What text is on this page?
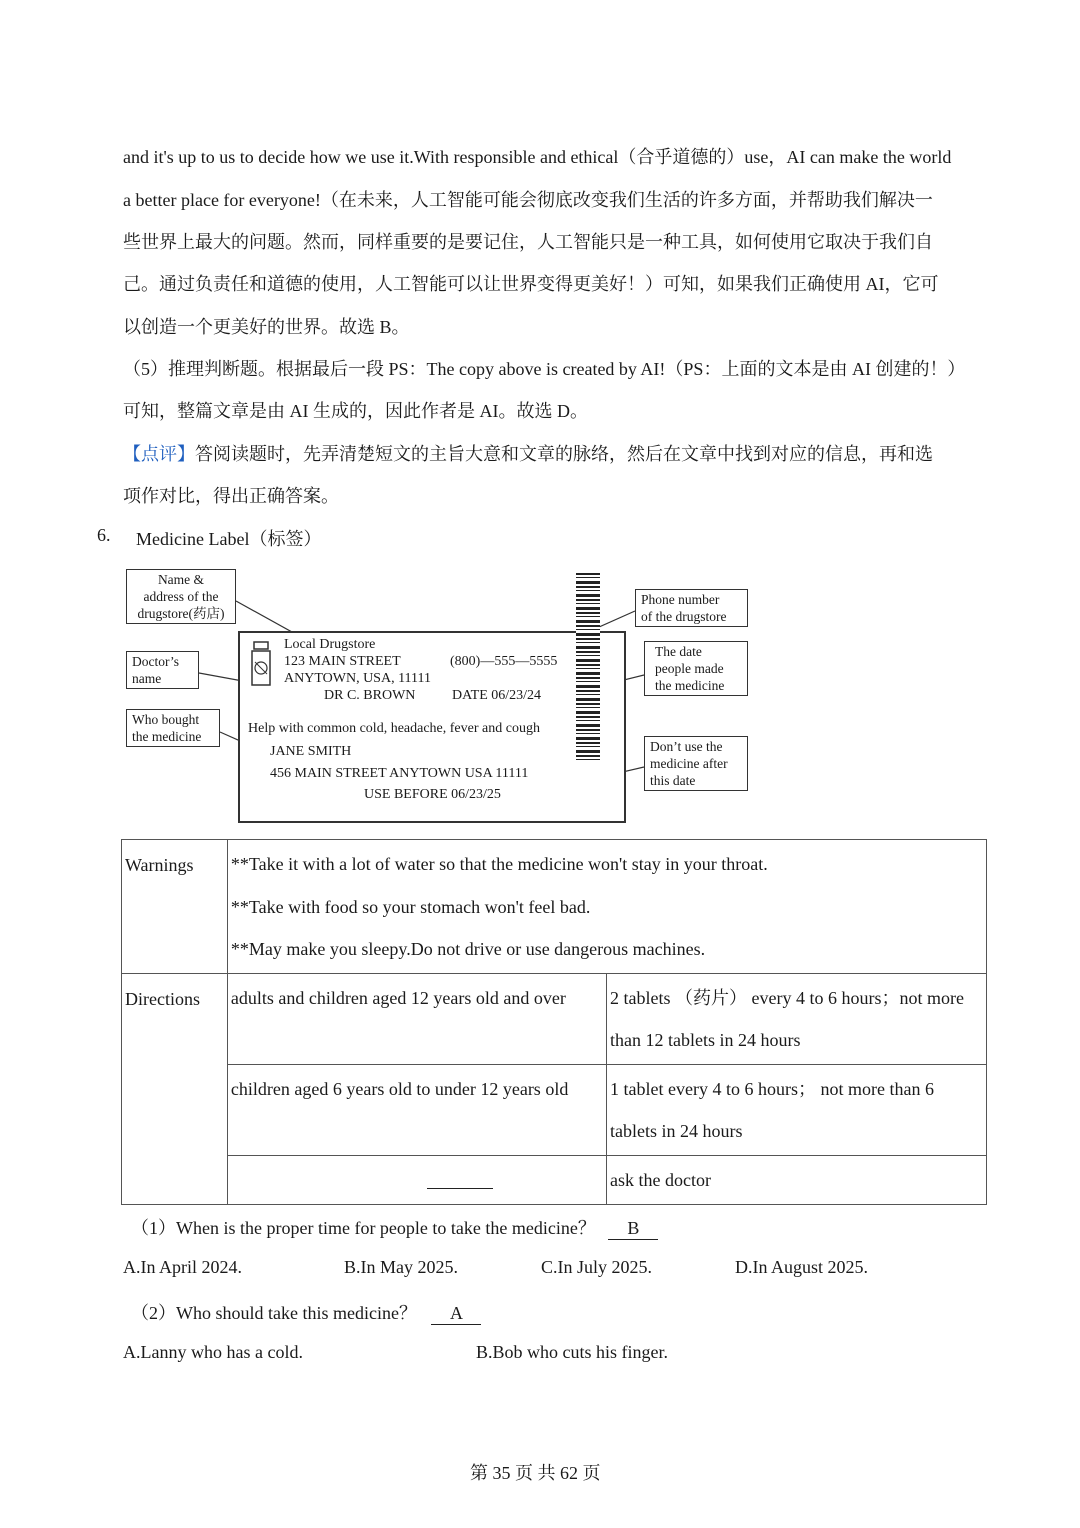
and it's up to us to decide how we use it.With responsible and ethical（合乎道德的）use，AI can make the world
a better place for everyone!（在未来，人工智能可能会彻底改变我们生活的许多方面，并帮助我们解决一
些世界上最大的问题。然而，同样重要的是要记住，人工智能只是一种工具，如何使用它取决于我们自
己。通过负责任和道德的使用，人工智能可以让世界变得更美好！）可知，如果我们正确使用 AI，它可
以创造一个更美好的世界。故选 B。
（5）推理判断题。根据最后一段 PS：The copy above is created by AI!（PS：上面的文本是由 AI 创建的！）
可知，整篇文章是由 AI 生成的，因此作者是 AI。故选 D。
【点评】答阅读题时，先弄清楚短文的主旨大意和文章的脉络，然后在文章中找到对应的信息，再和选
项作对比，得出正确答案。
6. Medicine Label（标签）
Name &
address of the
drugstore(药店)
Doctor’s
name
Who bought
the medicine
Phone number
of the drugstore
The date
people made
the medicine
Don’t use the
medicine after
this date
Local Drugstore
123 MAIN STREET
ANYTOWN, USA, 11111
(800)—555—5555
DR C. BROWN	DATE 06/23/24
Help with common cold, headache, fever and cough
JANE SMITH
456 MAIN STREET ANYTOWN USA 11111
USE BEFORE 06/23/25
Warnings	**Take it with a lot of water so that the medicine won't stay in your throat.
**Take with food so your stomach won't feel bad.
**May make you sleepy.Do not drive or use dangerous machines.	

Directions	adults and children aged 12 years old and over	2 tablets （药片） every 4 to 6 hours；not more
than 12 tablets in 24 hours

	children aged 6 years old to under 12 years old	1 tablet every 4 to 6 hours； not more than 6
tablets in 24 hours

		ask the doctor
（1）When is the proper time for people to take the medicine？ B
A.In April 2024.	B.In May 2025.	C.In July 2025.	D.In August 2025.
（2）Who should take this medicine？ A
A.Lanny who has a cold.	B.Bob who cuts his finger.
第 35 页 共 62 页
